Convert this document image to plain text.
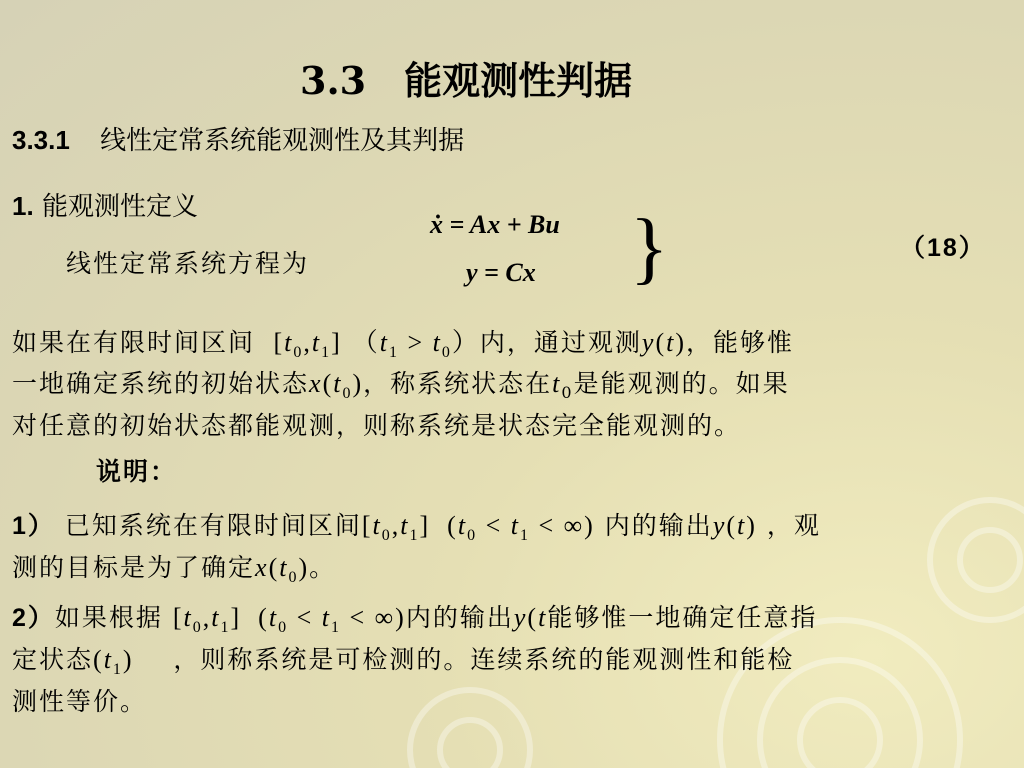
3.3　能观测性判据
3.3.1 线性定常系统能观测性及其判据
1. 能观测性定义
线性定常系统方程为
ẋ = Ax + Bu
y = Cx }	（18）
如果在有限时间区间  $[t_0,t_1] (t_1 > t_0)$内，通过观测y(t)，能够惟
一地确定系统的初始状态$x(t_0)$，称系统状态在$t_0$是能观测的。如果
对任意的初始状态都能观测，则称系统是状态完全能观测的。
说明：
1） 已知系统在有限时间区间$[t_0,t_1] (t_0 < t_1$ < ∞) 内的输出y(t) ，观
测的目标是为了确定$x(t_0)$。
2）如果根据 $[t_0,t_1] (t_0 < t_1$ < ∞)内的输出y(t能够惟一地确定任意指
定状态$(t_1)$ ，则称系统是可检测的。连续系统的能观测性和能检
测性等价。
